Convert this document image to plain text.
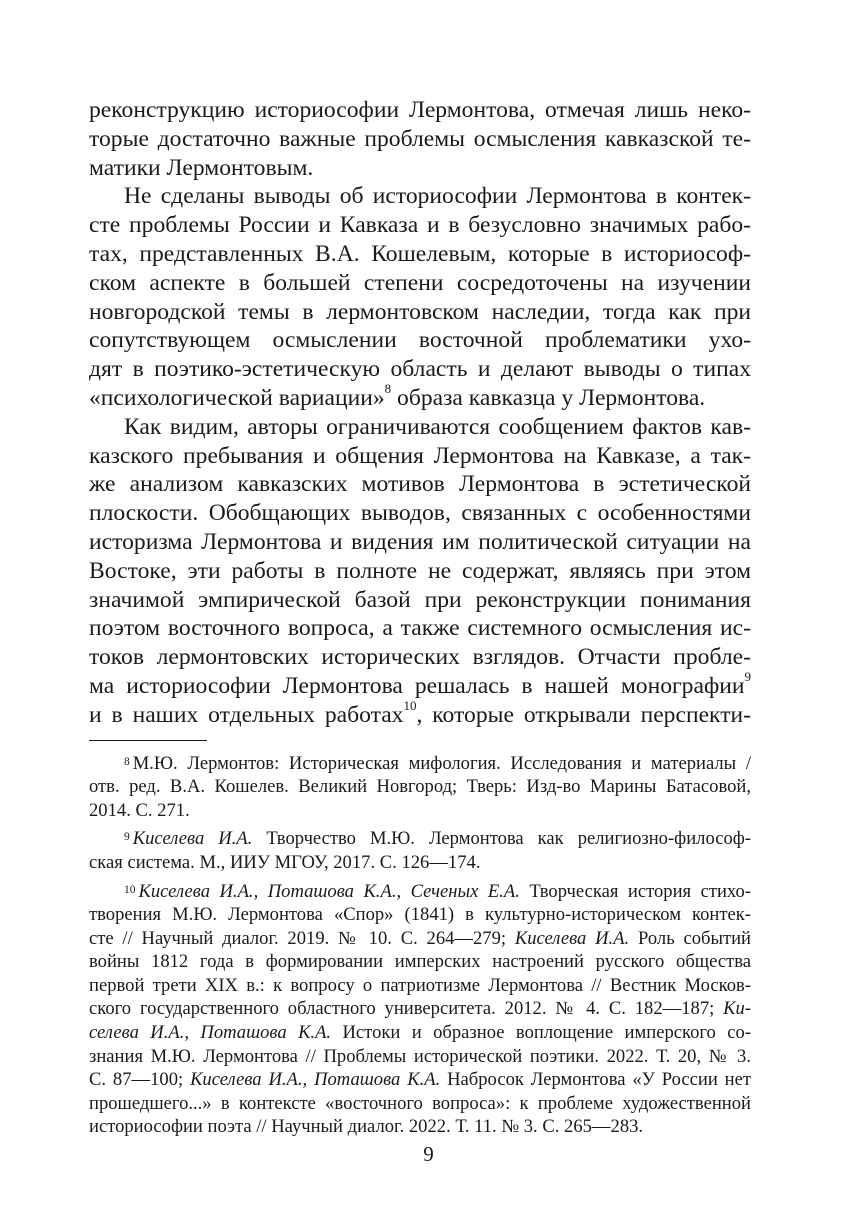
реконструкцию историософии Лермонтова, отмечая лишь неко-
торые достаточно важные проблемы осмысления кавказской те-
матики Лермонтовым.

Не сделаны выводы об историософии Лермонтова в контек-
сте проблемы России и Кавказа и в безусловно значимых рабо-
тах, представленных В.А. Кошелевым, которые в историософ-
ском аспекте в большей степени сосредоточены на изучении
новгородской темы в лермонтовском наследии, тогда как при
сопутствующем осмыслении восточной проблематики ухо-
дят в поэтико-эстетическую область и делают выводы о типах
«психологической вариации»$^8$ образа кавказца у Лермонтова.

Как видим, авторы ограничиваются сообщением фактов кав-
казского пребывания и общения Лермонтова на Кавказе, а так-
же анализом кавказских мотивов Лермонтова в эстетической
плоскости. Обобщающих выводов, связанных с особенностями
историзма Лермонтова и видения им политической ситуации на
Востоке, эти работы в полноте не содержат, являясь при этом
значимой эмпирической базой при реконструкции понимания
поэтом восточного вопроса, а также системного осмысления ис-
токов лермонтовских исторических взглядов. Отчасти пробле-
ма историософии Лермонтова решалась в нашей монографии$^9$
и в наших отдельных работах$^{10}$, которые открывали перспекти-

$^8$ М.Ю. Лермонтов: Историческая мифология. Исследования и материалы /
отв. ред. В.А. Кошелев. Великий Новгород; Тверь: Изд-во Марины Батасовой,
2014. С. 271.

$^9$ Киселева И.А. Творчество М.Ю. Лермонтова как религиозно-философ-
ская система. М., ИИУ МГОУ, 2017. С. 126—174.

$^{10}$ Киселева И.А., Поташова К.А., Сеченых Е.А. Творческая история стихо-
творения М.Ю. Лермонтова «Спор» (1841) в культурно-историческом контек-
сте // Научный диалог. 2019. № 10. С. 264—279; Киселева И.А. Роль событий
войны 1812 года в формировании имперских настроений русского общества
первой трети XIX в.: к вопросу о патриотизме Лермонтова // Вестник Москов-
ского государственного областного университета. 2012. № 4. С. 182—187; Ки-
селева И.А., Поташова К.А. Истоки и образное воплощение имперского со-
знания М.Ю. Лермонтова // Проблемы исторической поэтики. 2022. Т. 20, № 3.
С. 87—100; Киселева И.А., Поташова К.А. Набросок Лермонтова «У России нет
прошедшего...» в контексте «восточного вопроса»: к проблеме художественной
историософии поэта // Научный диалог. 2022. Т. 11. № 3. С. 265—283.

9
